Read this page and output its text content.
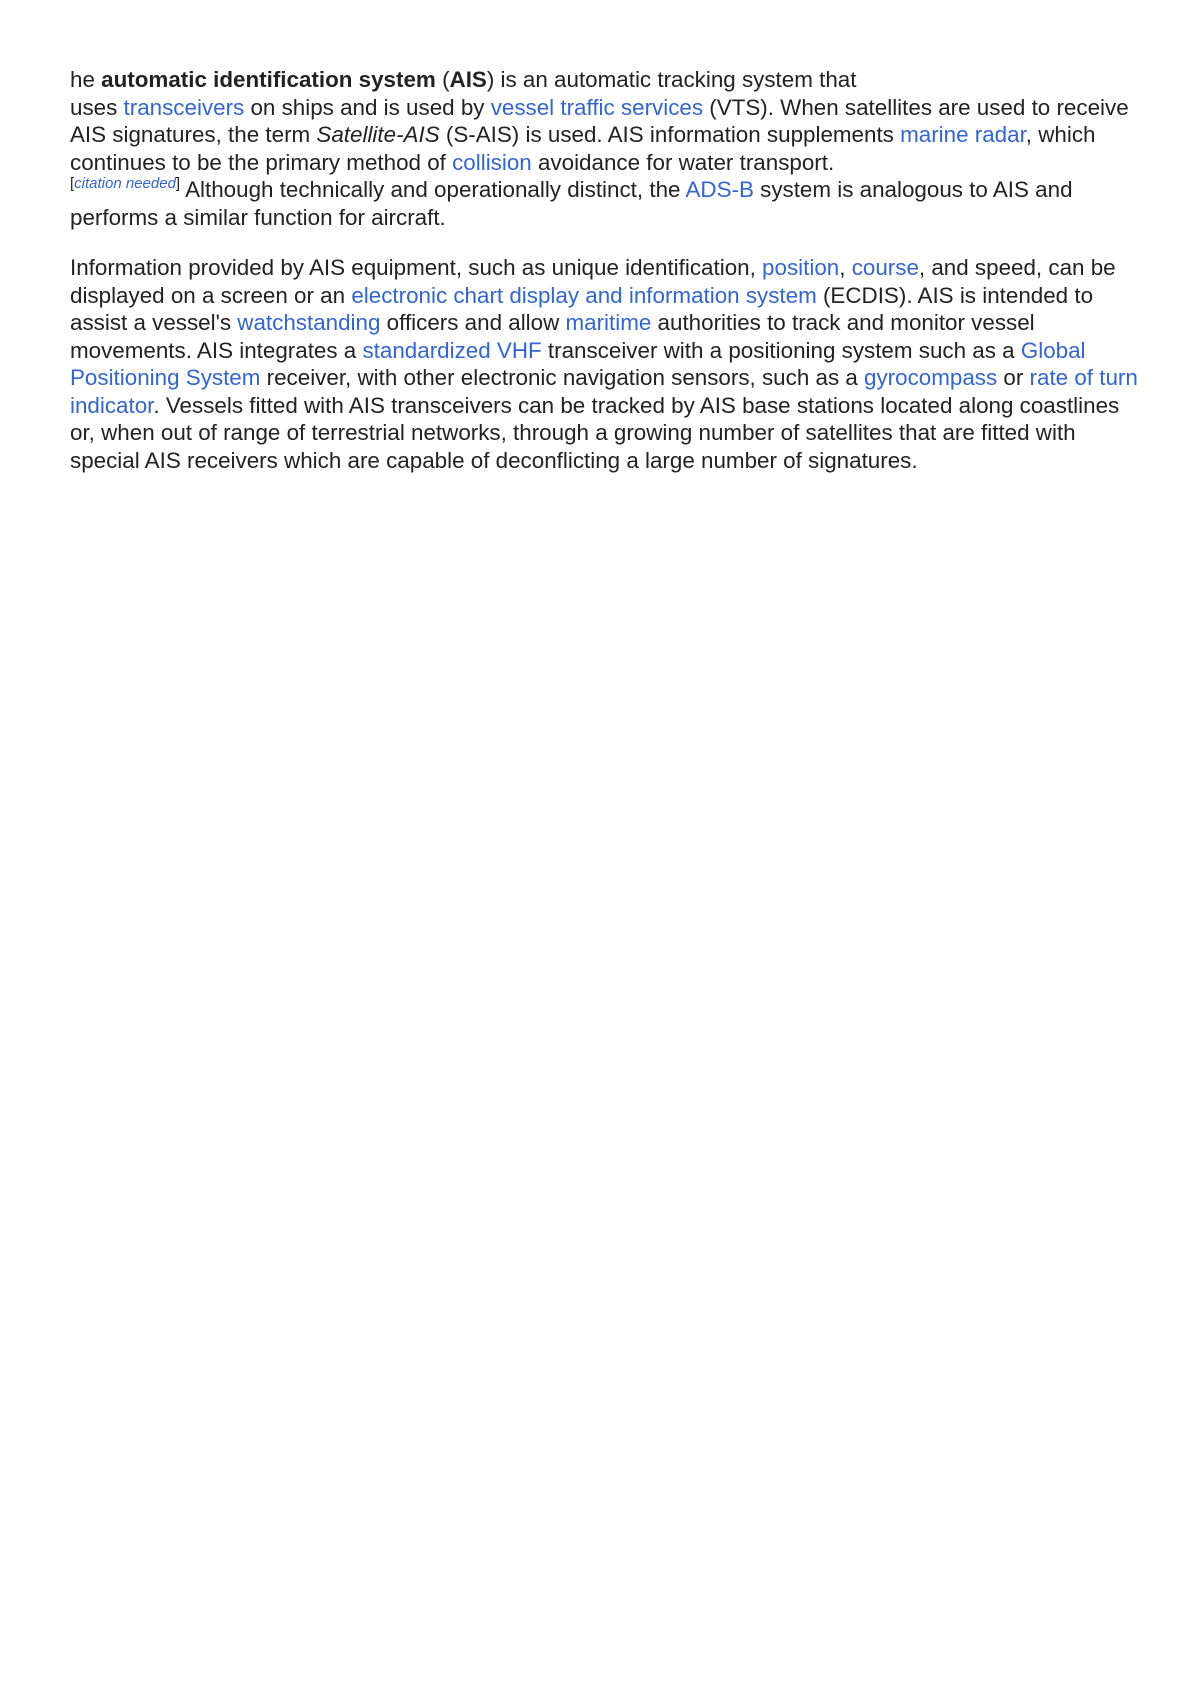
he automatic identification system (AIS) is an automatic tracking system that
uses transceivers on ships and is used by vessel traffic services (VTS). When satellites are used to receive AIS signatures, the term Satellite-AIS (S-AIS) is used. AIS information supplements marine radar, which continues to be the primary method of collision avoidance for water transport.
[citation needed] Although technically and operationally distinct, the ADS-B system is analogous to AIS and performs a similar function for aircraft.

Information provided by AIS equipment, such as unique identification, position, course, and speed, can be displayed on a screen or an electronic chart display and information system (ECDIS). AIS is intended to assist a vessel's watchstanding officers and allow maritime authorities to track and monitor vessel movements. AIS integrates a standardized VHF transceiver with a positioning system such as a Global Positioning System receiver, with other electronic navigation sensors, such as a gyrocompass or rate of turn indicator. Vessels fitted with AIS transceivers can be tracked by AIS base stations located along coastlines or, when out of range of terrestrial networks, through a growing number of satellites that are fitted with special AIS receivers which are capable of deconflicting a large number of signatures.
